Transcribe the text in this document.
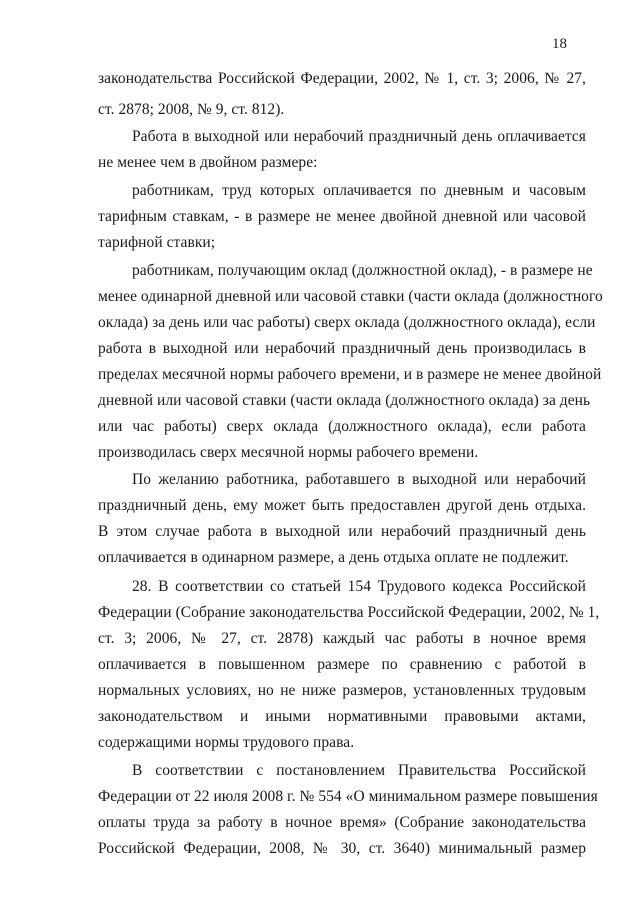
18
законодательства Российской Федерации, 2002, № 1, ст. 3; 2006, № 27,
ст. 2878; 2008, № 9, ст. 812).
Работа в выходной или нерабочий праздничный день оплачивается
не менее чем в двойном размере:
работникам, труд которых оплачивается по дневным и часовым
тарифным ставкам, - в размере не менее двойной дневной или часовой
тарифной ставки;
работникам, получающим оклад (должностной оклад), - в размере не
менее одинарной дневной или часовой ставки (части оклада (должностного
оклада) за день или час работы) сверх оклада (должностного оклада), если
работа в выходной или нерабочий праздничный день производилась в
пределах месячной нормы рабочего времени, и в размере не менее двойной
дневной или часовой ставки (части оклада (должностного оклада) за день
или час работы) сверх оклада (должностного оклада), если работа
производилась сверх месячной нормы рабочего времени.
По желанию работника, работавшего в выходной или нерабочий
праздничный день, ему может быть предоставлен другой день отдыха.
В этом случае работа в выходной или нерабочий праздничный день
оплачивается в одинарном размере, а день отдыха оплате не подлежит.
28. В соответствии со статьей 154 Трудового кодекса Российской
Федерации (Собрание законодательства Российской Федерации, 2002, № 1,
ст. 3; 2006, № 27, ст. 2878) каждый час работы в ночное время
оплачивается в повышенном размере по сравнению с работой в
нормальных условиях, но не ниже размеров, установленных трудовым
законодательством и иными нормативными правовыми актами,
содержащими нормы трудового права.
В соответствии с постановлением Правительства Российской
Федерации от 22 июля 2008 г. № 554 «О минимальном размере повышения
оплаты труда за работу в ночное время» (Собрание законодательства
Российской Федерации, 2008, № 30, ст. 3640) минимальный размер
